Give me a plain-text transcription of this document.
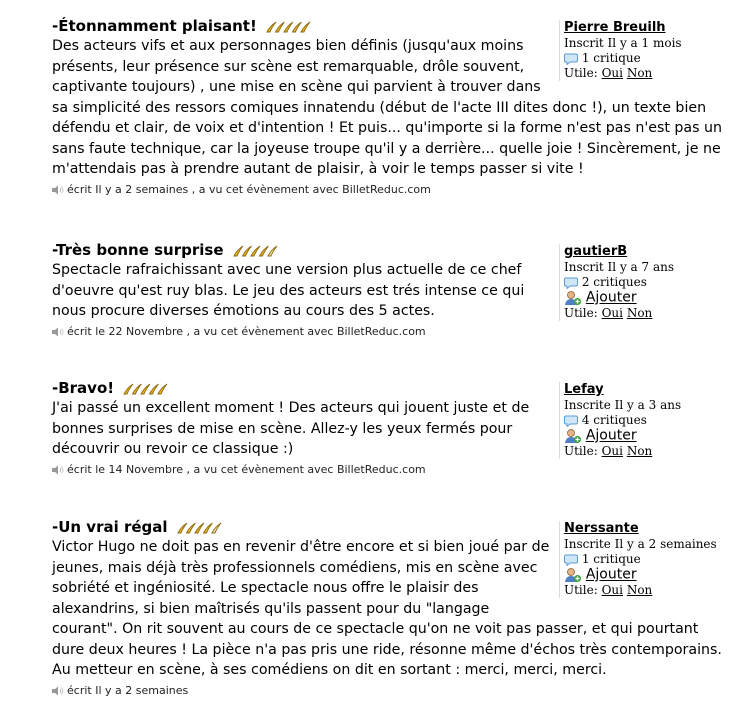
Pierre Breuilh
Inscrit Il y a 1 mois
1 critique
Utile: Oui Non
-Étonnamment plaisant!

Des acteurs vifs et aux personnages bien définis (jusqu'aux moins présents, leur présence sur scène est remarquable, drôle souvent, captivante toujours) , une mise en scène qui parvient à trouver dans sa simplicité des ressors comiques innatendu (début de l'acte III dites donc !), un texte bien défendu et clair, de voix et d'intention ! Et puis... qu'importe si la forme n'est pas n'est pas un sans faute technique, car la joyeuse troupe qu'il y a derrière... quelle joie ! Sincèrement, je ne m'attendais pas à prendre autant de plaisir, à voir le temps passer si vite !

écrit Il y a 2 semaines , a vu cet évènement avec BilletReduc.com
gautierB
Inscrit Il y a 7 ans
2 critiques
Ajouter
Utile: Oui Non
-Très bonne surprise

Spectacle rafraichissant avec une version plus actuelle de ce chef d'oeuvre qu'est ruy blas. Le jeu des acteurs est trés intense ce qui nous procure diverses émotions au cours des 5 actes.

écrit le 22 Novembre , a vu cet évènement avec BilletReduc.com
Lefay
Inscrite Il y a 3 ans
4 critiques
Ajouter
Utile: Oui Non
-Bravo!

J'ai passé un excellent moment ! Des acteurs qui jouent juste et de bonnes surprises de mise en scène. Allez-y les yeux fermés pour découvrir ou revoir ce classique :)

écrit le 14 Novembre , a vu cet évènement avec BilletReduc.com
Nerssante
Inscrite Il y a 2 semaines
1 critique
Ajouter
Utile: Oui Non
-Un vrai régal

Victor Hugo ne doit pas en revenir d'être encore et si bien joué par de jeunes, mais déjà très professionnels comédiens, mis en scène avec sobriété et ingéniosité. Le spectacle nous offre le plaisir des alexandrins, si bien maîtrisés qu'ils passent pour du "langage courant". On rit souvent au cours de ce spectacle qu'on ne voit pas passer, et qui pourtant dure deux heures ! La pièce n'a pas pris une ride, résonne même d'échos très contemporains. Au metteur en scène, à ses comédiens on dit en sortant : merci, merci, merci.

écrit Il y a 2 semaines
